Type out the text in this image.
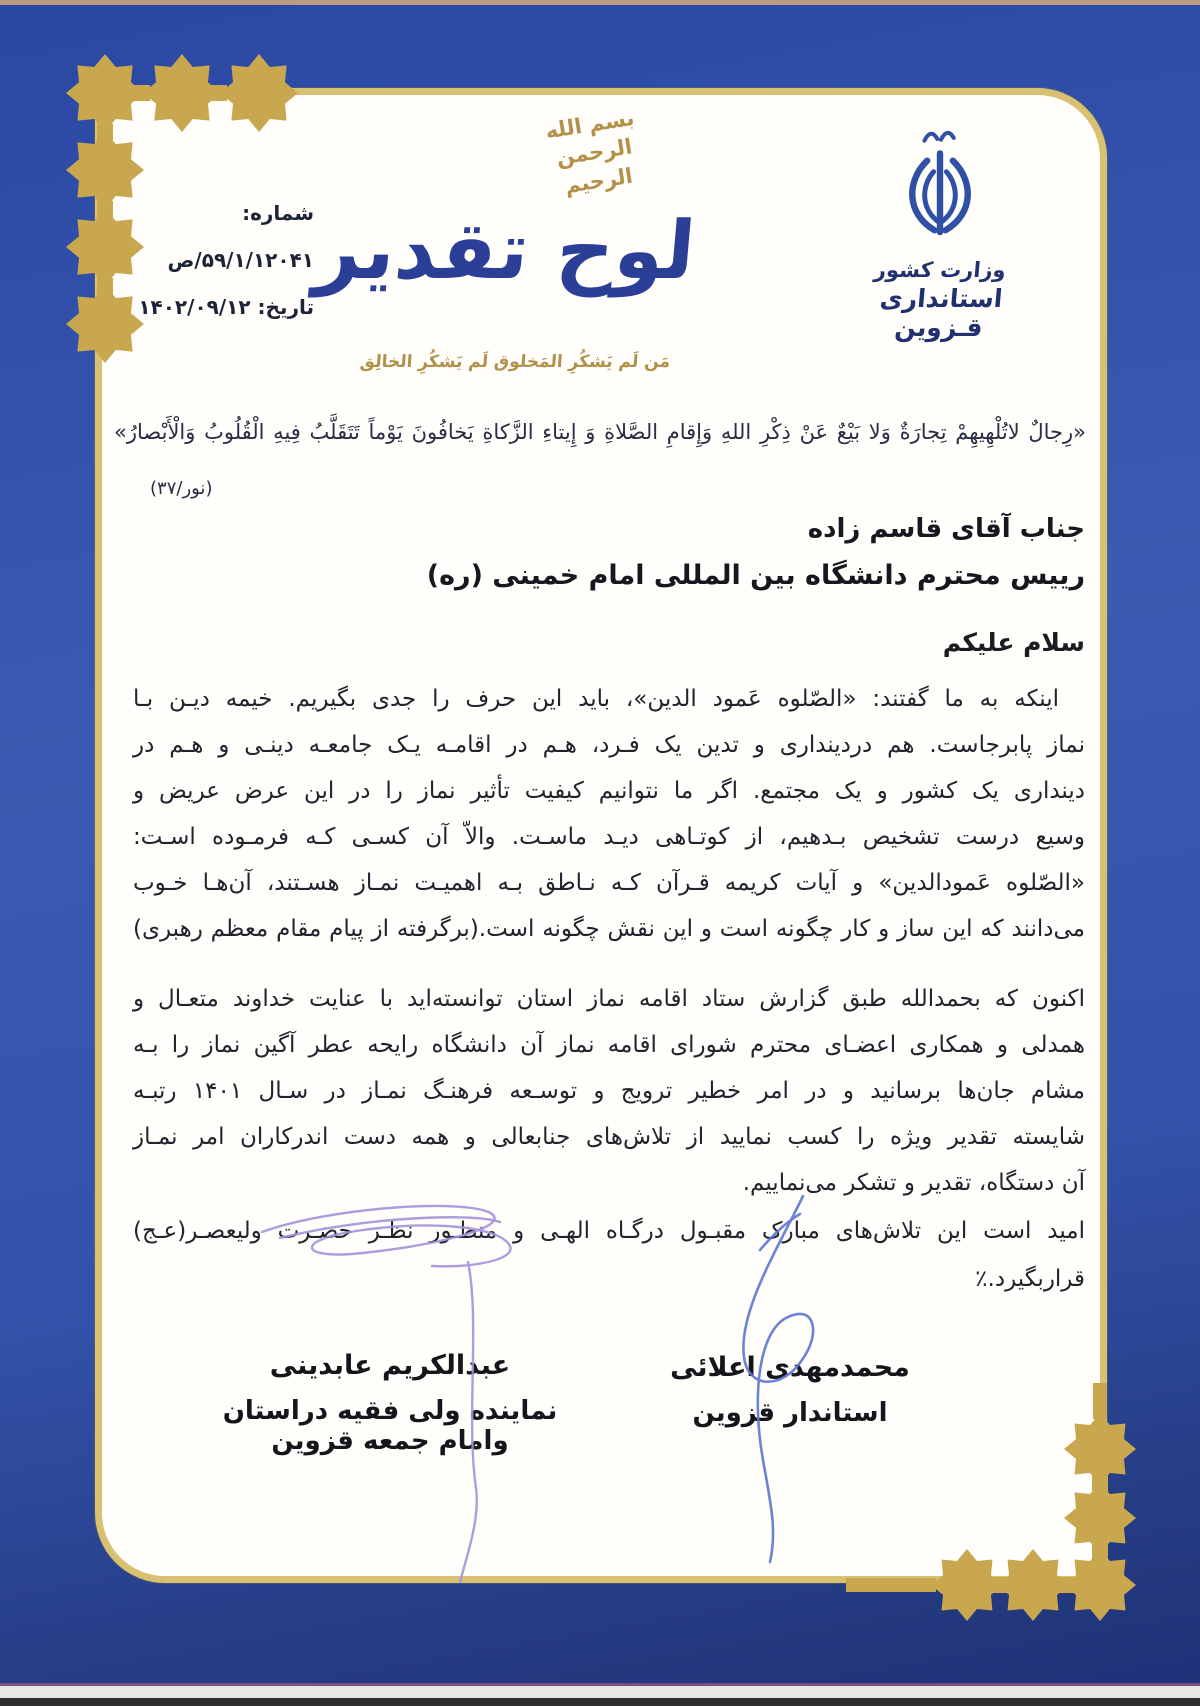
شماره: ۵۹/۱/۱۲۰۴۱/ص
تاریخ: ۱۴۰۲/۰۹/۱۲
بسم الله الرحمن الرحیم
لوح تقدیر
مَن لَم یَشکُرِ المَخلوق لَم یَشکُرِ الخالِق
وزارت کشور
استانداری قـزوین
«رِجالٌ لاتُلْهِیهِمْ تِجارَةٌ وَلا بَیْعٌ عَنْ ذِکْرِ اللهِ وَإِقامِ الصَّلاةِ وَ إِیتاءِ الزَّکاةِ یَخافُونَ یَوْماً تَتَقَلَّبُ فِیهِ الْقُلُوبُ وَالْأَبْصارُ»
(نور/۳۷)
جناب آقای قاسم زاده
رییس محترم دانشگاه بین المللی امام خمینی (ره)
سلام علیکم
اینکه به ما گفتند: «الصّلوه عَمود الدین»، باید این حرف را جدی بگیریم. خیمه دیـن بـا
نماز پابرجاست. هم دردینداری و تدین یک فـرد، هـم در اقامـه یـک جامعـه دینـی و هـم در
دینداری یک کشور و یک مجتمع. اگر ما نتوانیم کیفیت تأثیر نماز را در این عرض عریض و
وسیع درست تشخیص بـدهیم، از کوتـاهی دیـد ماسـت. والاّ آن کسـی کـه فرمـوده اسـت:
«الصّلوه عَمودالدین» و آیات کریمه قـرآن کـه نـاطق بـه اهمیـت نمـاز هسـتند، آن‌هـا خـوب
می‌دانند که این ساز و کار چگونه است و این نقش چگونه است.(برگرفته از پیام مقام معظم رهبری)
اکنون که بحمدالله طبق گزارش ستاد اقامه نماز استان توانسته‌اید با عنایت خداوند متعـال و
همدلی و همکاری اعضـای محترم شورای اقامه نماز آن دانشگاه رایحه عطر آگین نماز را بـه
مشام جان‌ها برسانید و در امر خطیر ترویج و توسـعه فرهنـگ نمـاز در سـال ۱۴۰۱ رتبـه
شایسته تقدیر ویژه را کسب نمایید از تلاش‌های جنابعالی و همه دست اندرکاران امر نمـاز
آن دستگاه، تقدیر و تشکر می‌نماییم.
امید است این تلاش‌های مبارک مقبـول درگـاه الهـی و منظـور نظـر حضـرت ولیعصـر(عـج)
قراربگیرد.٪
محمدمهدی اعلائی
استاندار قزوین
عبدالکریم عابدینی
نماینده ولی فقیه دراستان وامام جمعه قزوین
